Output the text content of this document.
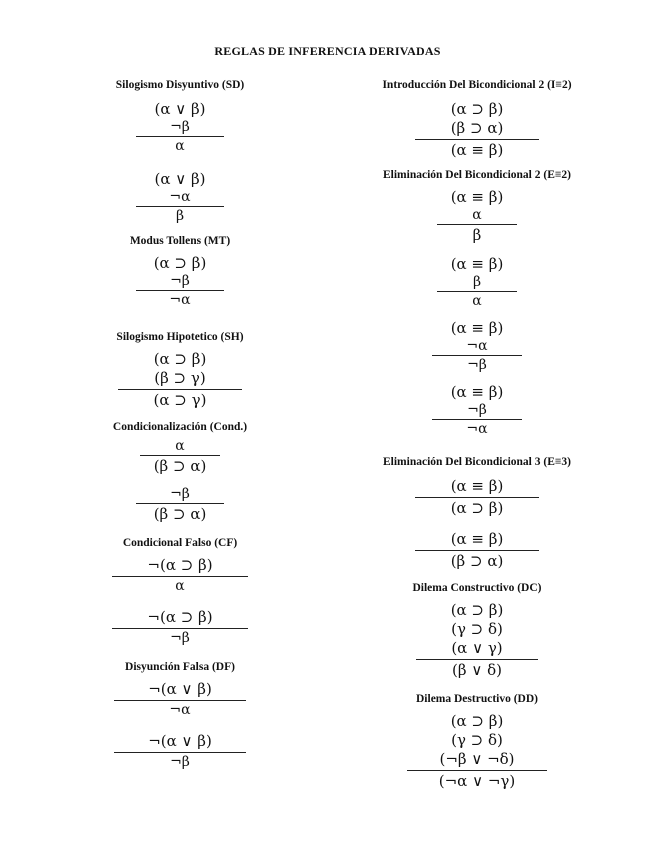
REGLAS DE INFERENCIA DERIVADAS
Silogismo Disyuntivo (SD)
(α ∨ β)
¬β
α
(α ∨ β)
¬α
β
Modus Tollens (MT)
(α ⊃ β)
¬β
¬α
Silogismo Hipotetico (SH)
(α ⊃ β)
(β ⊃ γ)
(α ⊃ γ)
Condicionalización (Cond.)
α
(β ⊃ α)
¬β
(β ⊃ α)
Condicional Falso (CF)
¬(α ⊃ β)
α
¬(α ⊃ β)
¬β
Disyunción Falsa (DF)
¬(α ∨ β)
¬α
¬(α ∨ β)
¬β
Introducción Del Bicondicional 2 (I≡2)
(α ⊃ β)
(β ⊃ α)
(α ≡ β)
Eliminación Del Bicondicional 2 (E≡2)
(α ≡ β)
α
β
(α ≡ β)
β
α
(α ≡ β)
¬α
¬β
(α ≡ β)
¬β
¬α
Eliminación Del Bicondicional 3 (E≡3)
(α ≡ β)
(α ⊃ β)
(α ≡ β)
(β ⊃ α)
Dilema Constructivo (DC)
(α ⊃ β)
(γ ⊃ δ)
(α ∨ γ)
(β ∨ δ)
Dilema Destructivo (DD)
(α ⊃ β)
(γ ⊃ δ)
(¬β ∨ ¬δ)
(¬α ∨ ¬γ)
